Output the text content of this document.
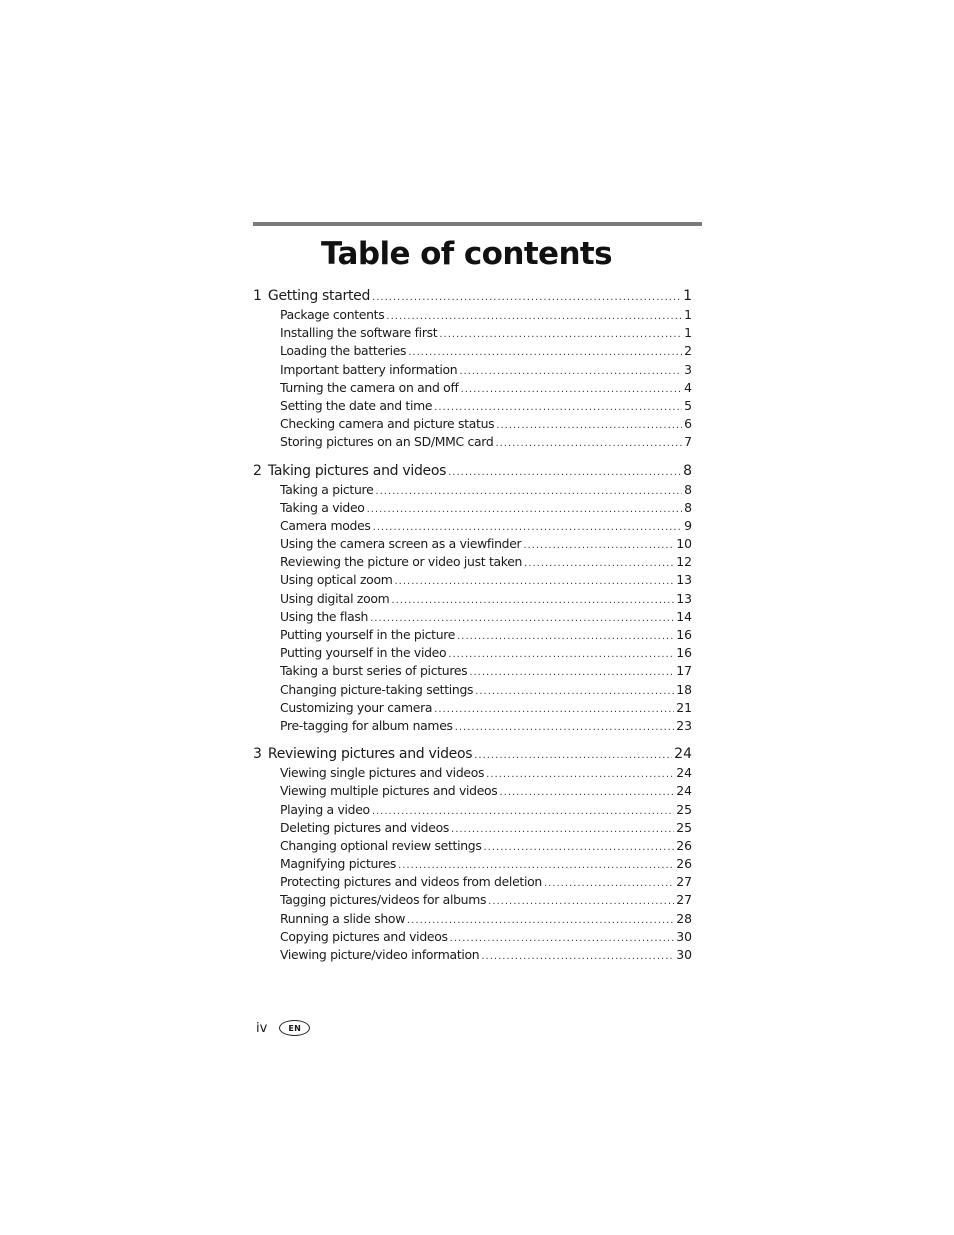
Table of contents
1 Getting started .....	1
Package contents .....	1
Installing the software first .....	1
Loading the batteries .....	2
Important battery information .....	3
Turning the camera on and off .....	4
Setting the date and time .....	5
Checking camera and picture status .....	6
Storing pictures on an SD/MMC card .....	7
2 Taking pictures and videos .....	8
Taking a picture .....	8
Taking a video .....	8
Camera modes .....	9
Using the camera screen as a viewfinder .....	10
Reviewing the picture or video just taken .....	12
Using optical zoom .....	13
Using digital zoom .....	13
Using the flash .....	14
Putting yourself in the picture .....	16
Putting yourself in the video .....	16
Taking a burst series of pictures .....	17
Changing picture-taking settings .....	18
Customizing your camera .....	21
Pre-tagging for album names .....	23
3 Reviewing pictures and videos .....	24
Viewing single pictures and videos .....	24
Viewing multiple pictures and videos .....	24
Playing a video .....	25
Deleting pictures and videos .....	25
Changing optional review settings .....	26
Magnifying pictures .....	26
Protecting pictures and videos from deletion .....	27
Tagging pictures/videos for albums .....	27
Running a slide show .....	28
Copying pictures and videos .....	30
Viewing picture/video information .....	30
iv	EN
